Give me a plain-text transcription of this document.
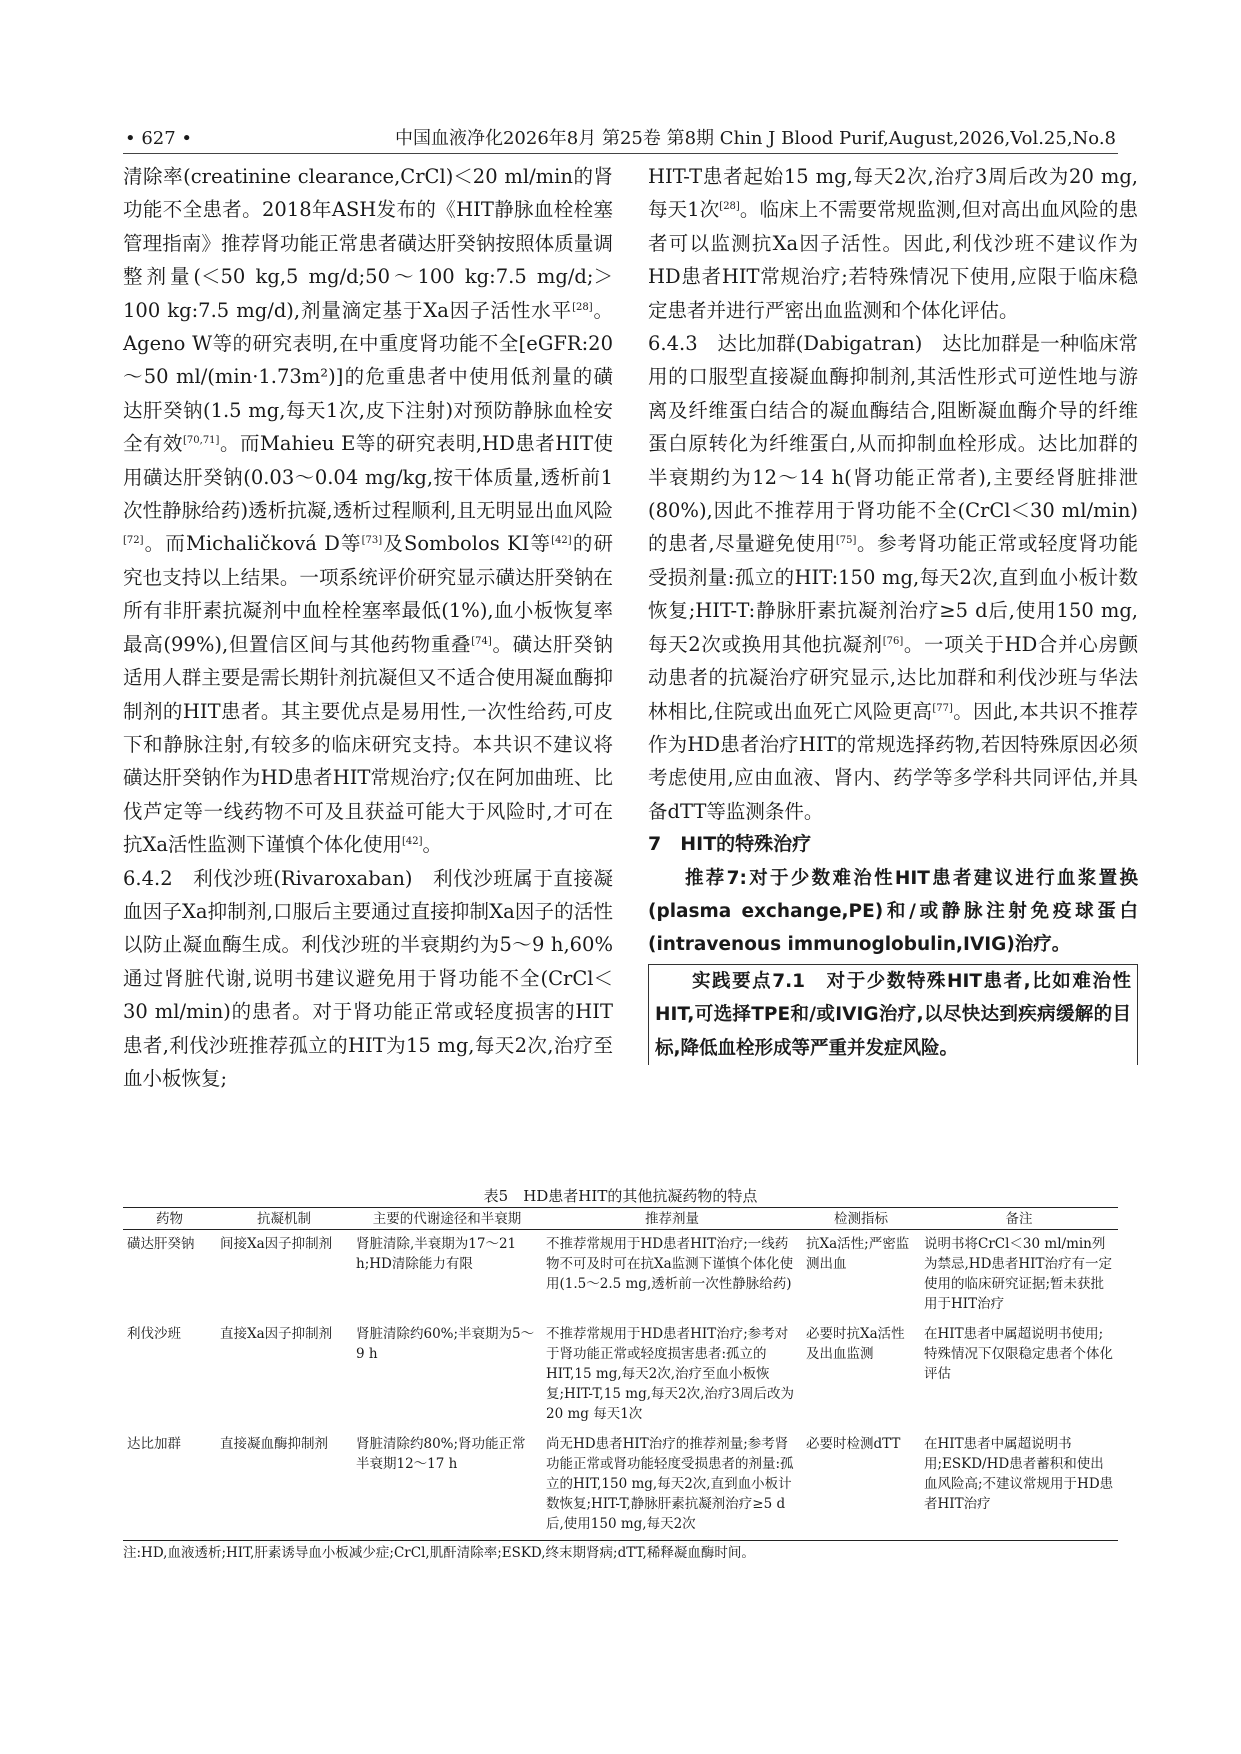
• 627 •	中国血液净化2026年8月 第25卷 第8期 Chin J Blood Purif,August,2026,Vol.25,No.8

清除率(creatinine clearance,CrCl)＜20 ml/min的肾功能不全患者。2018年ASH发布的《HIT静脉血栓栓塞管理指南》推荐肾功能正常患者磺达肝癸钠按照体质量调整剂量(＜50 kg,5 mg/d;50～100 kg:7.5 mg/d;＞100 kg:7.5 mg/d),剂量滴定基于Xa因子活性水平[28]。Ageno W等的研究表明,在中重度肾功能不全[eGFR:20～50 ml/(min·1.73m²)]的危重患者中使用低剂量的磺达肝癸钠(1.5 mg,每天1次,皮下注射)对预防静脉血栓安全有效[70,71]。而Mahieu E等的研究表明,HD患者HIT使用磺达肝癸钠(0.03～0.04 mg/kg,按干体质量,透析前1次性静脉给药)透析抗凝,透析过程顺利,且无明显出血风险[72]。而Michaličková D等[73]及Sombolos KI等[42]的研究也支持以上结果。一项系统评价研究显示磺达肝癸钠在所有非肝素抗凝剂中血栓栓塞率最低(1%),血小板恢复率最高(99%),但置信区间与其他药物重叠[74]。磺达肝癸钠适用人群主要是需长期针剂抗凝但又不适合使用凝血酶抑制剂的HIT患者。其主要优点是易用性,一次性给药,可皮下和静脉注射,有较多的临床研究支持。本共识不建议将磺达肝癸钠作为HD患者HIT常规治疗;仅在阿加曲班、比伐芦定等一线药物不可及且获益可能大于风险时,才可在抗Xa活性监测下谨慎个体化使用[42]。

6.4.2　利伐沙班(Rivaroxaban)　利伐沙班属于直接凝血因子Xa抑制剂,口服后主要通过直接抑制Xa因子的活性以防止凝血酶生成。利伐沙班的半衰期约为5～9 h,60%通过肾脏代谢,说明书建议避免用于肾功能不全(CrCl＜30 ml/min)的患者。对于肾功能正常或轻度损害的HIT患者,利伐沙班推荐孤立的HIT为15 mg,每天2次,治疗至血小板恢复;

HIT-T患者起始15 mg,每天2次,治疗3周后改为20 mg,每天1次[28]。临床上不需要常规监测,但对高出血风险的患者可以监测抗Xa因子活性。因此,利伐沙班不建议作为HD患者HIT常规治疗;若特殊情况下使用,应限于临床稳定患者并进行严密出血监测和个体化评估。

6.4.3　达比加群(Dabigatran)　达比加群是一种临床常用的口服型直接凝血酶抑制剂,其活性形式可逆性地与游离及纤维蛋白结合的凝血酶结合,阻断凝血酶介导的纤维蛋白原转化为纤维蛋白,从而抑制血栓形成。达比加群的半衰期约为12～14 h(肾功能正常者),主要经肾脏排泄(80%),因此不推荐用于肾功能不全(CrCl＜30 ml/min)的患者,尽量避免使用[75]。参考肾功能正常或轻度肾功能受损剂量:孤立的HIT:150 mg,每天2次,直到血小板计数恢复;HIT-T:静脉肝素抗凝剂治疗≥5 d后,使用150 mg,每天2次或换用其他抗凝剂[76]。一项关于HD合并心房颤动患者的抗凝治疗研究显示,达比加群和利伐沙班与华法林相比,住院或出血死亡风险更高[77]。因此,本共识不推荐作为HD患者治疗HIT的常规选择药物,若因特殊原因必须考虑使用,应由血液、肾内、药学等多学科共同评估,并具备dTT等监测条件。

7　HIT的特殊治疗

推荐7:对于少数难治性HIT患者建议进行血浆置换(plasma exchange,PE)和/或静脉注射免疫球蛋白(intravenous immunoglobulin,IVIG)治疗。

实践要点7.1　对于少数特殊HIT患者,比如难治性HIT,可选择TPE和/或IVIG治疗,以尽快达到疾病缓解的目标,降低血栓形成等严重并发症风险。

表5　HD患者HIT的其他抗凝药物的特点
药物	抗凝机制	主要的代谢途径和半衰期	推荐剂量	检测指标	备注
磺达肝癸钠	间接Xa因子抑制剂	肾脏清除,半衰期为17～21 h;HD清除能力有限	不推荐常规用于HD患者HIT治疗;一线药物不可及时可在抗Xa监测下谨慎个体化使用(1.5～2.5 mg,透析前一次性静脉给药)	抗Xa活性;严密监测出血	说明书将CrCl＜30 ml/min列为禁忌,HD患者HIT治疗有一定使用的临床研究证据;暂未获批用于HIT治疗
利伐沙班	直接Xa因子抑制剂	肾脏清除约60%;半衰期为5～9 h	不推荐常规用于HD患者HIT治疗;参考对于肾功能正常或轻度损害患者:孤立的HIT,15 mg,每天2次,治疗至血小板恢复;HIT-T,15 mg,每天2次,治疗3周后改为20 mg 每天1次	必要时抗Xa活性及出血监测	在HIT患者中属超说明书使用;特殊情况下仅限稳定患者个体化评估
达比加群	直接凝血酶抑制剂	肾脏清除约80%;肾功能正常半衰期12～17 h	尚无HD患者HIT治疗的推荐剂量;参考肾功能正常或肾功能轻度受损患者的剂量:孤立的HIT,150 mg,每天2次,直到血小板计数恢复;HIT-T,静脉肝素抗凝剂治疗≥5 d后,使用150 mg,每天2次	必要时检测dTT	在HIT患者中属超说明书用;ESKD/HD患者蓄积和使出血风险高;不建议常规用于HD患者HIT治疗
注:HD,血液透析;HIT,肝素诱导血小板减少症;CrCl,肌酐清除率;ESKD,终末期肾病;dTT,稀释凝血酶时间。
